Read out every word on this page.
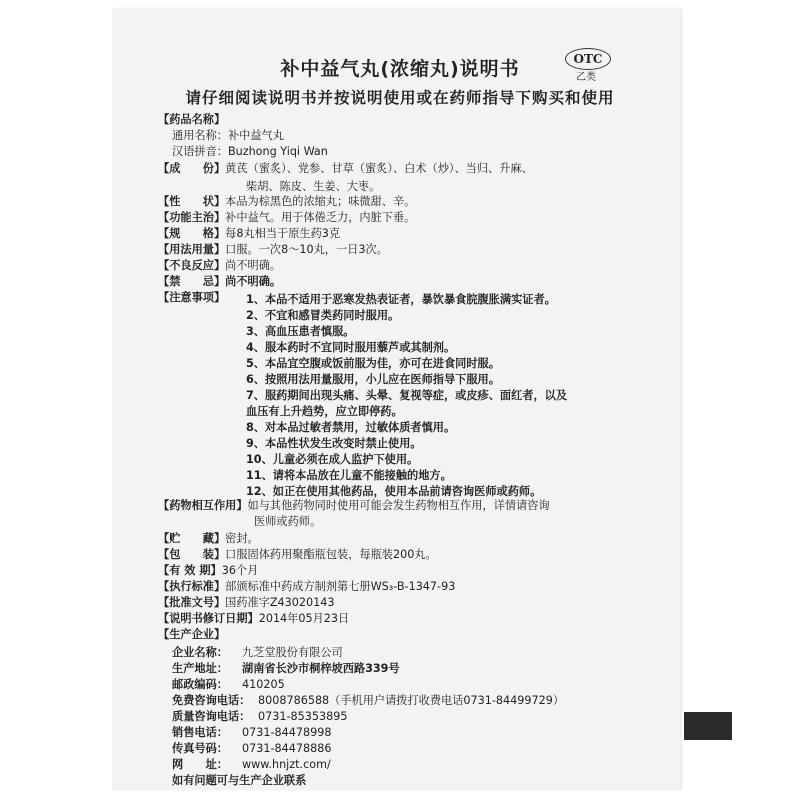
补中益气丸(浓缩丸)说明书	OTC
乙类
请仔细阅读说明书并按说明使用或在药师指导下购买和使用
【药品名称】
通用名称：补中益气丸
汉语拼音：Buzhong Yiqi Wan
【成　　份】黄芪（蜜炙）、党参、甘草（蜜炙）、白术（炒）、当归、升麻、
柴胡、陈皮、生姜、大枣。
【性　　状】本品为棕黑色的浓缩丸；味微甜、辛。
【功能主治】补中益气。用于体倦乏力，内脏下垂。
【规　　格】每8丸相当于原生药3克
【用法用量】口服。一次8～10丸，一日3次。
【不良反应】尚不明确。
【禁　　忌】尚不明确。
【注意事项】 1、本品不适用于恶寒发热表证者，暴饮暴食脘腹胀满实证者。
2、不宜和感冒类药同时服用。
3、高血压患者慎服。
4、服本药时不宜同时服用藜芦或其制剂。
5、本品宜空腹或饭前服为佳，亦可在进食同时服。
6、按照用法用量服用，小儿应在医师指导下服用。
7、服药期间出现头痛、头晕、复视等症，或皮疹、面红者，以及
血压有上升趋势，应立即停药。
8、对本品过敏者禁用，过敏体质者慎用。
9、本品性状发生改变时禁止使用。
10、儿童必须在成人监护下使用。
11、请将本品放在儿童不能接触的地方。
12、如正在使用其他药品，使用本品前请咨询医师或药师。
【药物相互作用】如与其他药物同时使用可能会发生药物相互作用，详情请咨询
医师或药师。
【贮　　藏】密封。
【包　　装】口服固体药用聚酯瓶包装，每瓶装200丸。
【有 效 期】36个月
【执行标准】部颁标准中药成方制剂第七册WS₃-B-1347-93
【批准文号】国药准字Z43020143
【说明书修订日期】2014年05月23日
【生产企业】
企业名称： 九芝堂股份有限公司
生产地址： 湖南省长沙市桐梓坡西路339号
邮政编码： 410205
免费咨询电话： 8008786588（手机用户请拨打收费电话0731-84499729）
质量咨询电话： 0731-85353895
销售电话： 0731-84478998
传真号码： 0731-84478886
网　　址： www.hnjzt.com/
如有问题可与生产企业联系
